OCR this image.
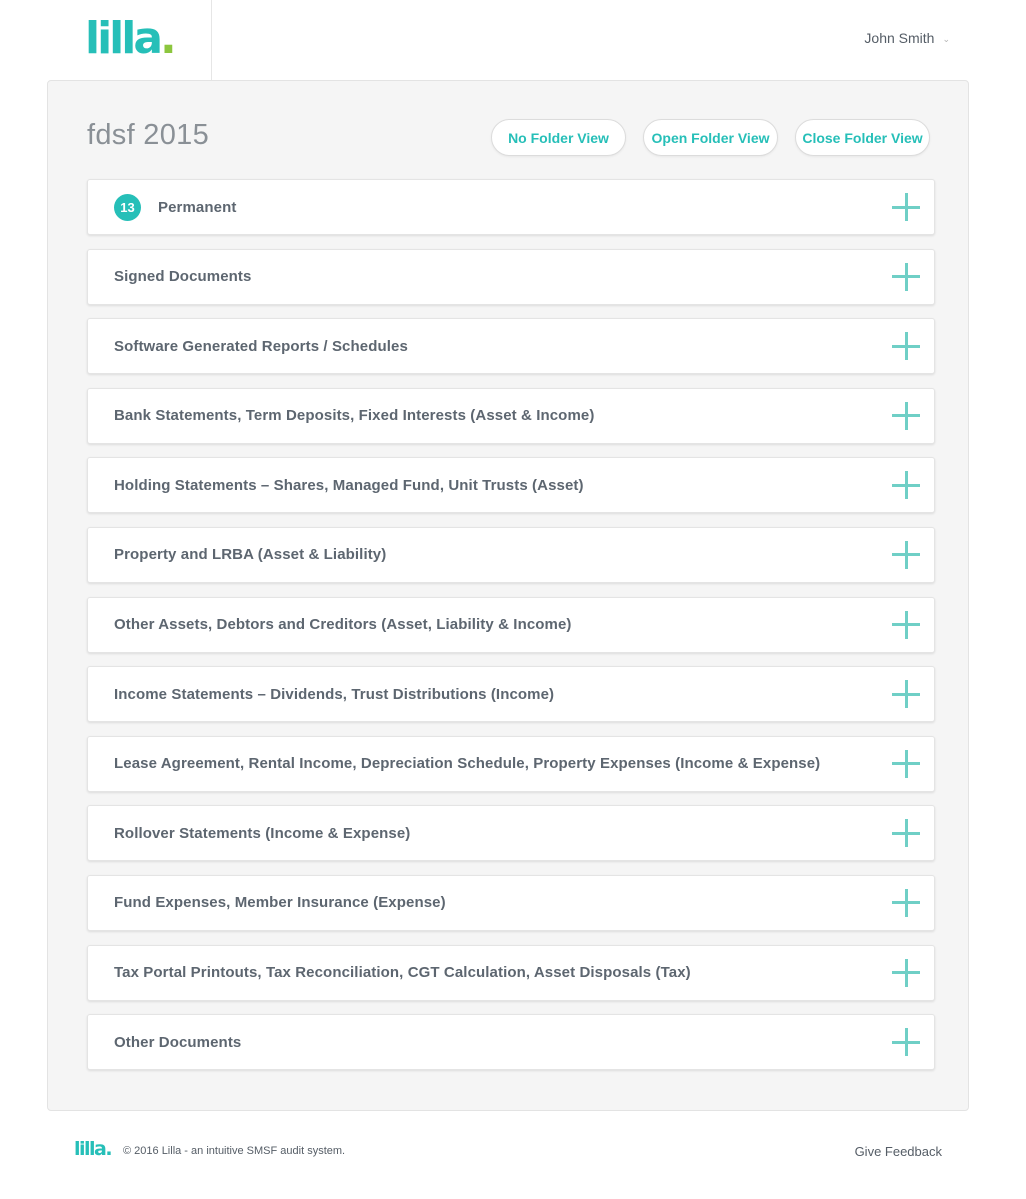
lilla.	John Smith ⌄
fdsf 2015	No Folder View	Open Folder View	Close Folder View
13	Permanent
Signed Documents
Software Generated Reports / Schedules
Bank Statements, Term Deposits, Fixed Interests (Asset & Income)
Holding Statements – Shares, Managed Fund, Unit Trusts (Asset)
Property and LRBA (Asset & Liability)
Other Assets, Debtors and Creditors (Asset, Liability & Income)
Income Statements – Dividends, Trust Distributions (Income)
Lease Agreement, Rental Income, Depreciation Schedule, Property Expenses (Income & Expense)
Rollover Statements (Income & Expense)
Fund Expenses, Member Insurance (Expense)
Tax Portal Printouts, Tax Reconciliation, CGT Calculation, Asset Disposals (Tax)
Other Documents
lilla. © 2016 Lilla - an intuitive SMSF audit system.	Give Feedback
